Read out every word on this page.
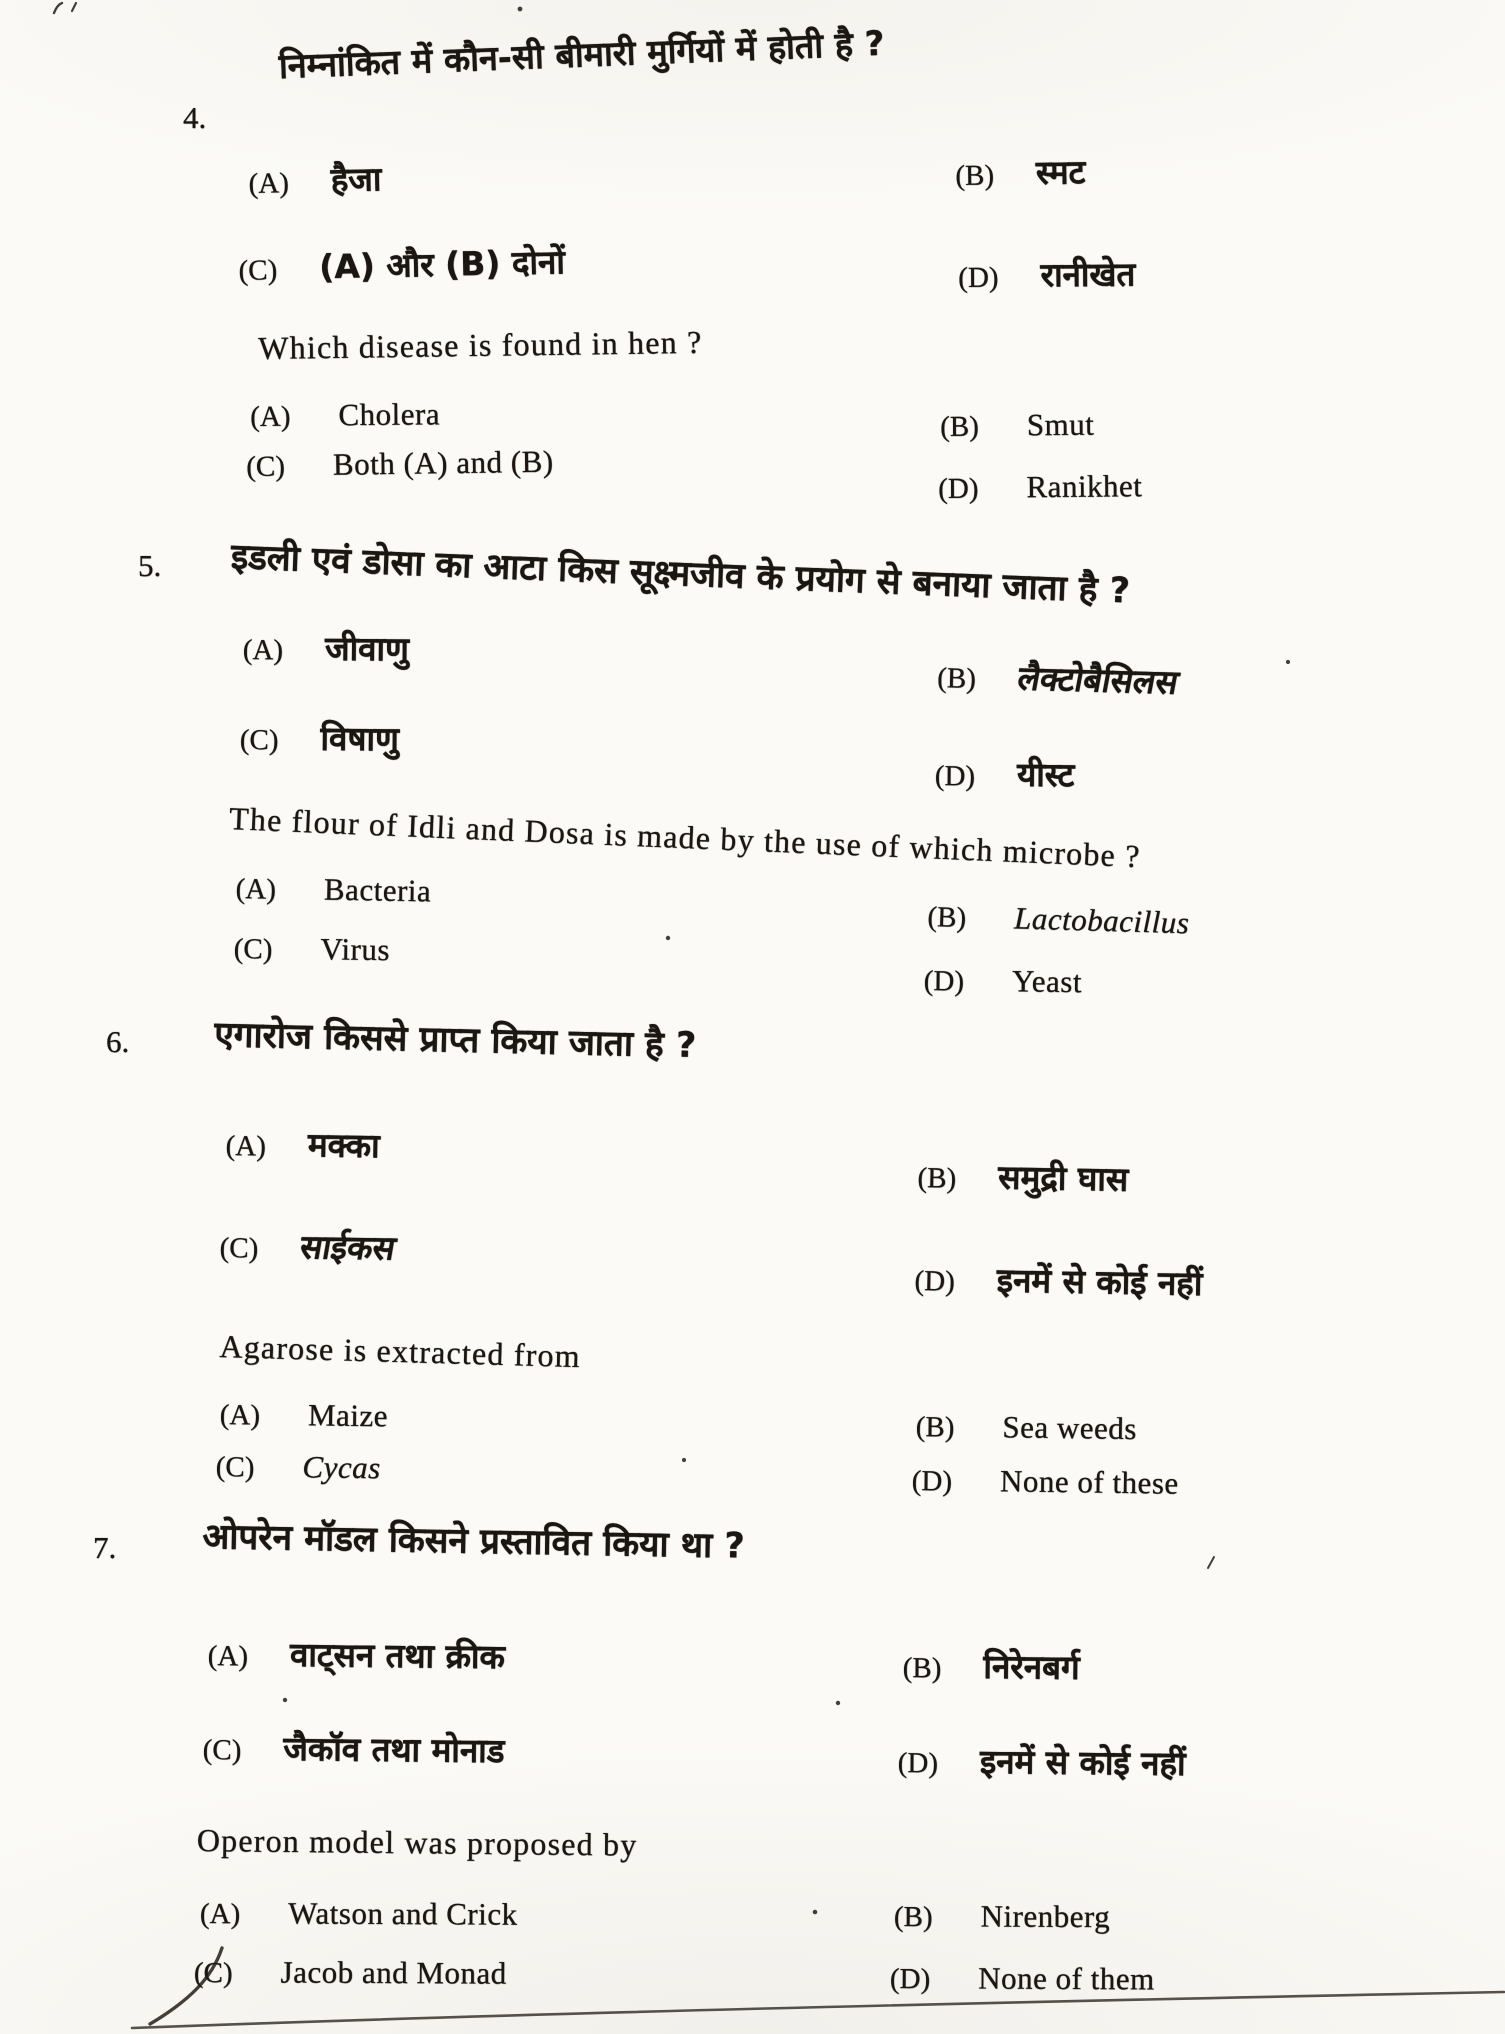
4.
निम्नांकित में कौन-सी बीमारी मुर्गियों में होती है ?
(A) हैजा	(B) स्मट
(C) (A) और (B) दोनों	(D) रानीखेत
Which disease is found in hen ?
(A) Cholera	(B) Smut
(C) Both (A) and (B)
(D) Ranikhet
5. इडली एवं डोसा का आटा किस सूक्ष्मजीव के प्रयोग से बनाया जाता है ?
(A) जीवाणु
(B) लैक्टोबैसिलस
(C) विषाणु
(D) यीस्ट
The flour of Idli and Dosa is made by the use of which microbe ?
(A) Bacteria
(B) Lactobacillus
(C) Virus
(D) Yeast
6. एगारोज किससे प्राप्त किया जाता है ?
(A) मक्का
(B) समुद्री घास
(C) साईकस
(D) इनमें से कोई नहीं
Agarose is extracted from
(A) Maize	(B) Sea weeds
(C) Cycas	(D) None of these
7. ओपरेन मॉडल किसने प्रस्तावित किया था ?
(A) वाट्सन तथा क्रीक	(B) निरेनबर्ग
(C) जैकॉव तथा मोनाड	(D) इनमें से कोई नहीं
Operon model was proposed by
(A) Watson and Crick	(B) Nirenberg
(C) Jacob and Monad	(D) None of them
